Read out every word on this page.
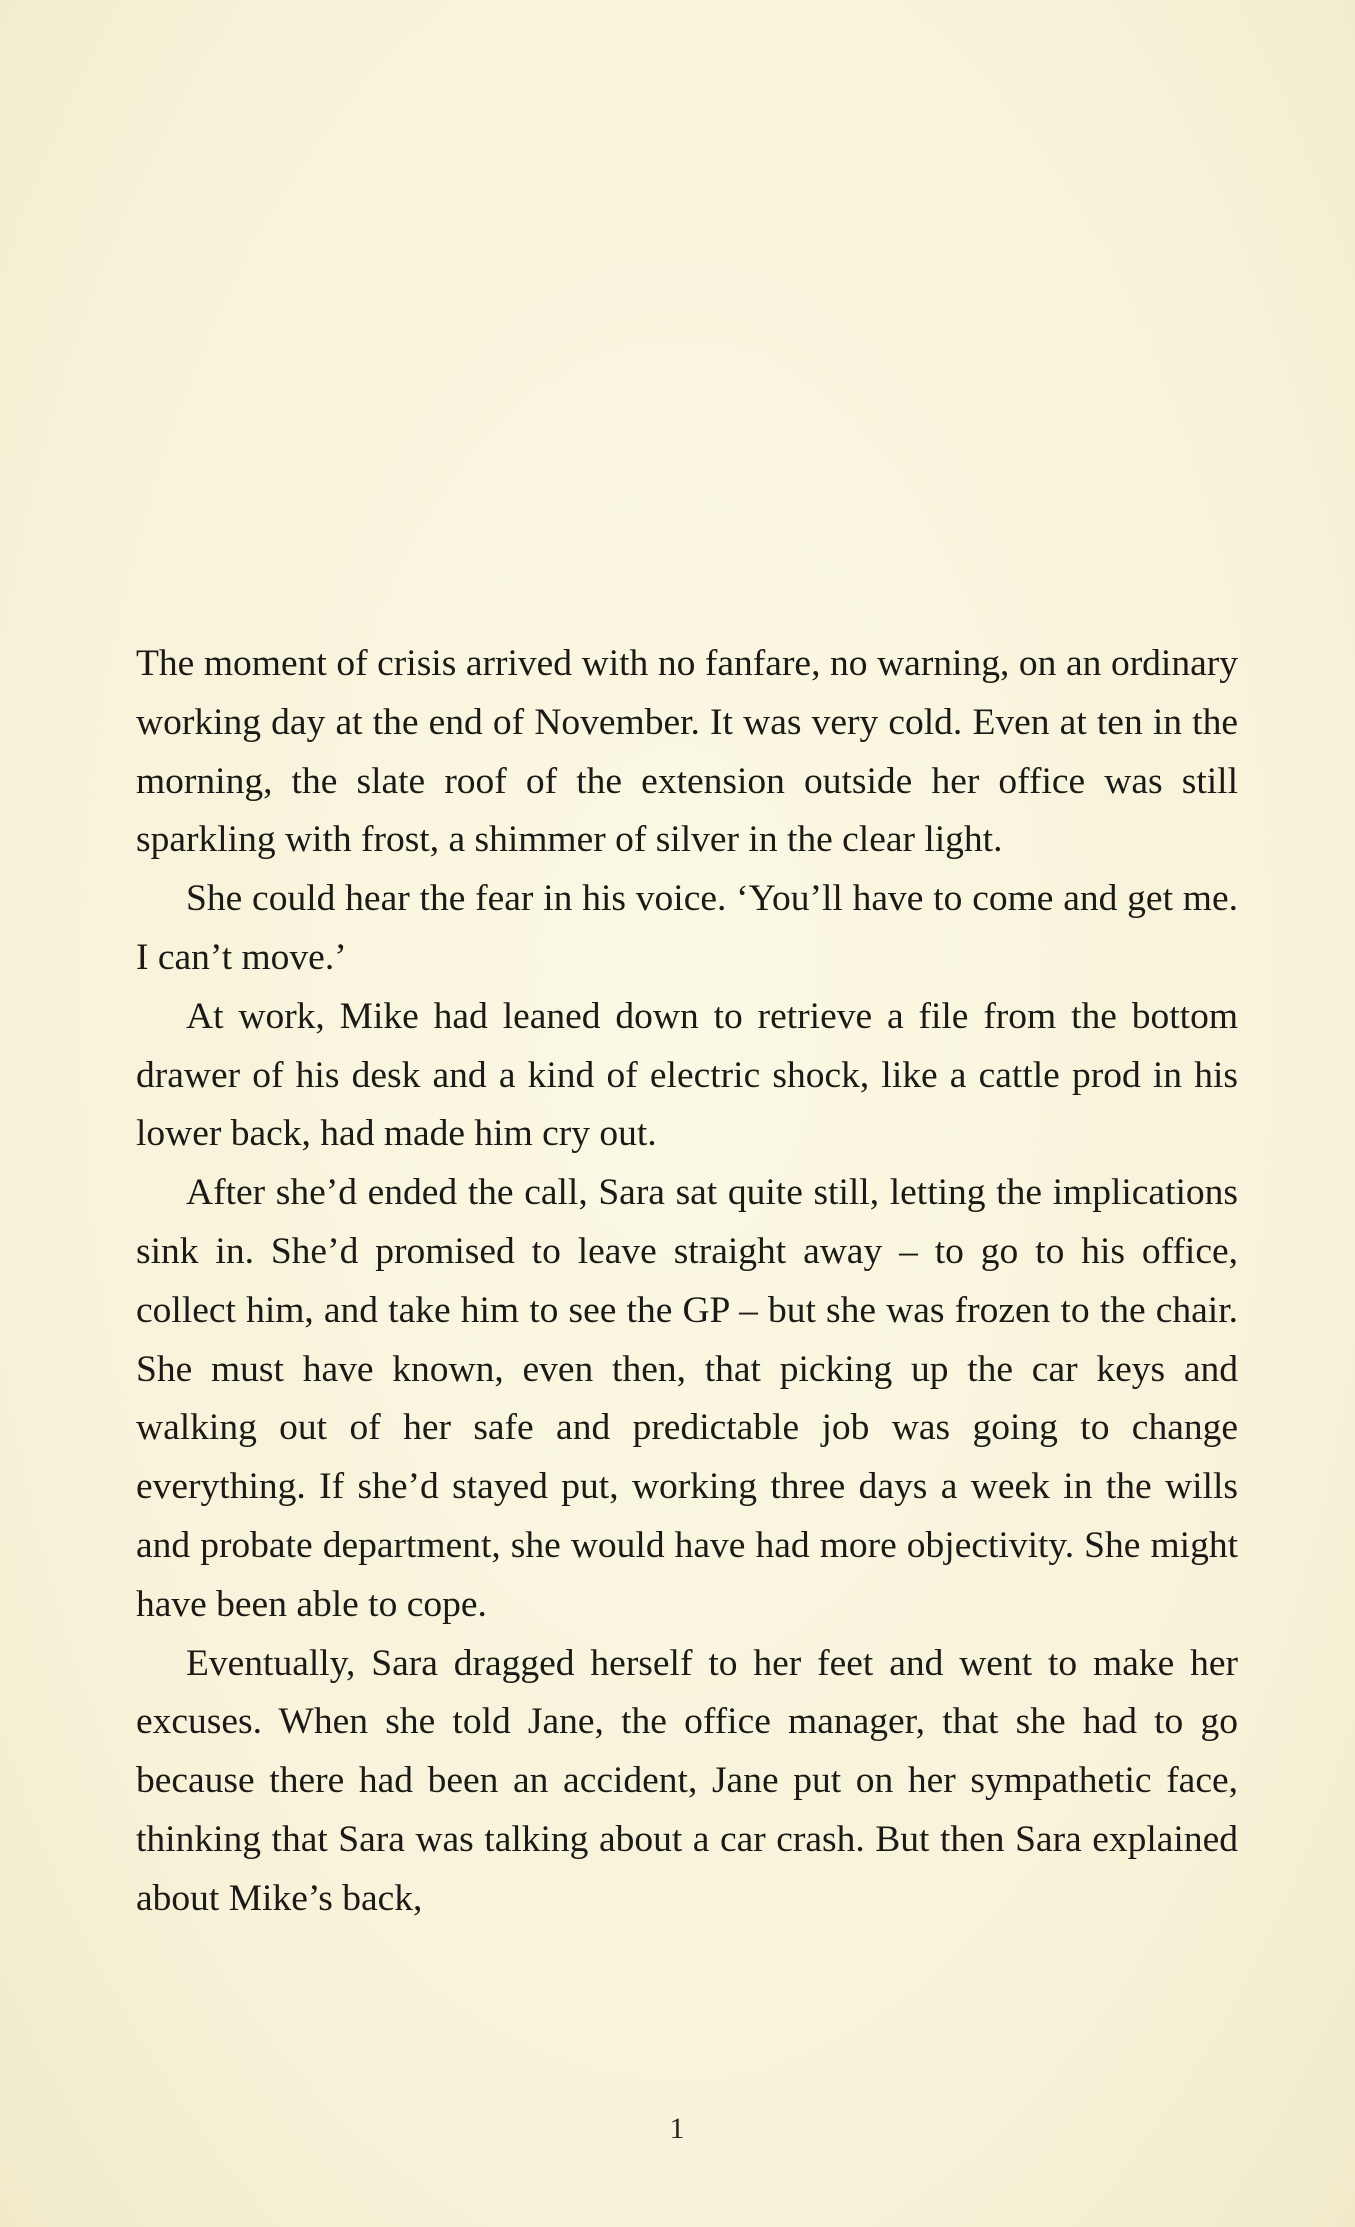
The moment of crisis arrived with no fanfare, no warning, on an ordinary working day at the end of November. It was very cold. Even at ten in the morning, the slate roof of the extension outside her office was still sparkling with frost, a shimmer of silver in the clear light.

She could hear the fear in his voice. ‘You’ll have to come and get me. I can’t move.’

At work, Mike had leaned down to retrieve a file from the bottom drawer of his desk and a kind of electric shock, like a cattle prod in his lower back, had made him cry out.

After she’d ended the call, Sara sat quite still, letting the implications sink in. She’d promised to leave straight away – to go to his office, collect him, and take him to see the GP – but she was frozen to the chair. She must have known, even then, that picking up the car keys and walking out of her safe and predictable job was going to change everything. If she’d stayed put, working three days a week in the wills and probate department, she would have had more objectivity. She might have been able to cope.

Eventually, Sara dragged herself to her feet and went to make her excuses. When she told Jane, the office manager, that she had to go because there had been an accident, Jane put on her sympathetic face, thinking that Sara was talking about a car crash. But then Sara explained about Mike’s back,

1
